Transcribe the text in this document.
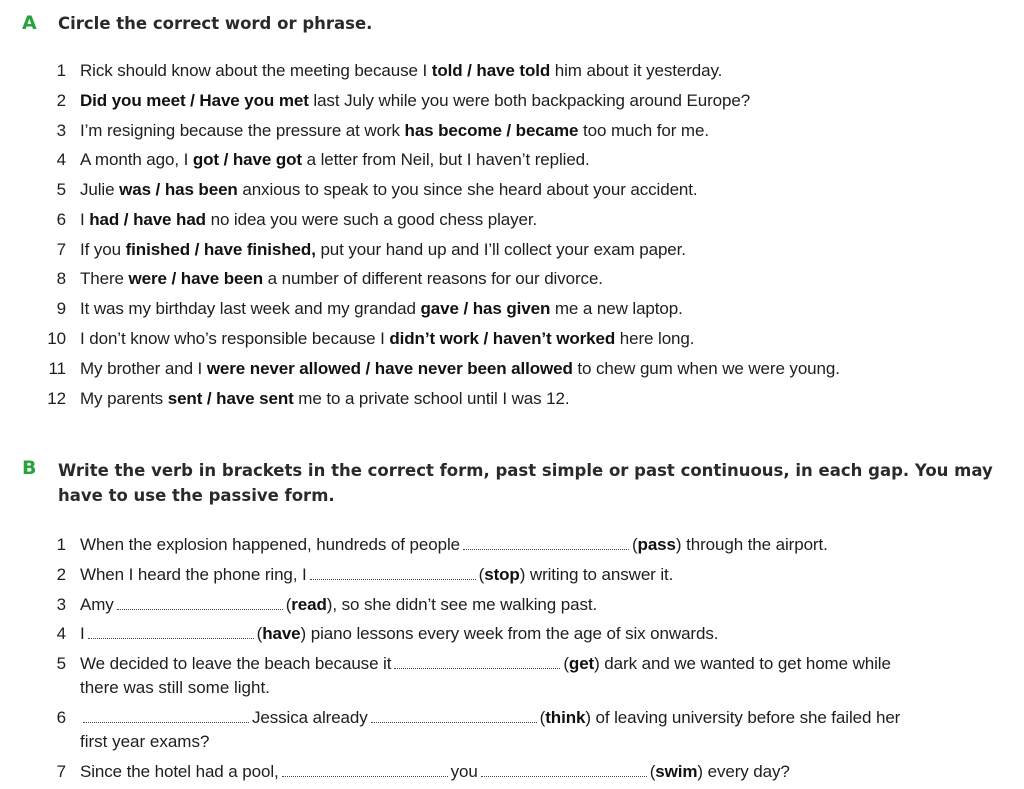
A Circle the correct word or phrase.
1 Rick should know about the meeting because I told / have told him about it yesterday.
2 Did you meet / Have you met last July while you were both backpacking around Europe?
3 I’m resigning because the pressure at work has become / became too much for me.
4 A month ago, I got / have got a letter from Neil, but I haven’t replied.
5 Julie was / has been anxious to speak to you since she heard about your accident.
6 I had / have had no idea you were such a good chess player.
7 If you finished / have finished, put your hand up and I’ll collect your exam paper.
8 There were / have been a number of different reasons for our divorce.
9 It was my birthday last week and my grandad gave / has given me a new laptop.
10 I don’t know who’s responsible because I didn’t work / haven’t worked here long.
11 My brother and I were never allowed / have never been allowed to chew gum when we were young.
12 My parents sent / have sent me to a private school until I was 12.
B Write the verb in brackets in the correct form, past simple or past continuous, in each gap. You may
have to use the passive form.
1 When the explosion happened, hundreds of people	(pass) through the airport.
2 When I heard the phone ring, I	(stop) writing to answer it.
3 Amy	(read), so she didn’t see me walking past.
4 I	(have) piano lessons every week from the age of six onwards.
5 We decided to leave the beach because it	(get) dark and we wanted to get home while
there was still some light.
6	Jessica already	(think) of leaving university before she failed her
first year exams?
7 Since the hotel had a pool,	you	(swim) every day?
